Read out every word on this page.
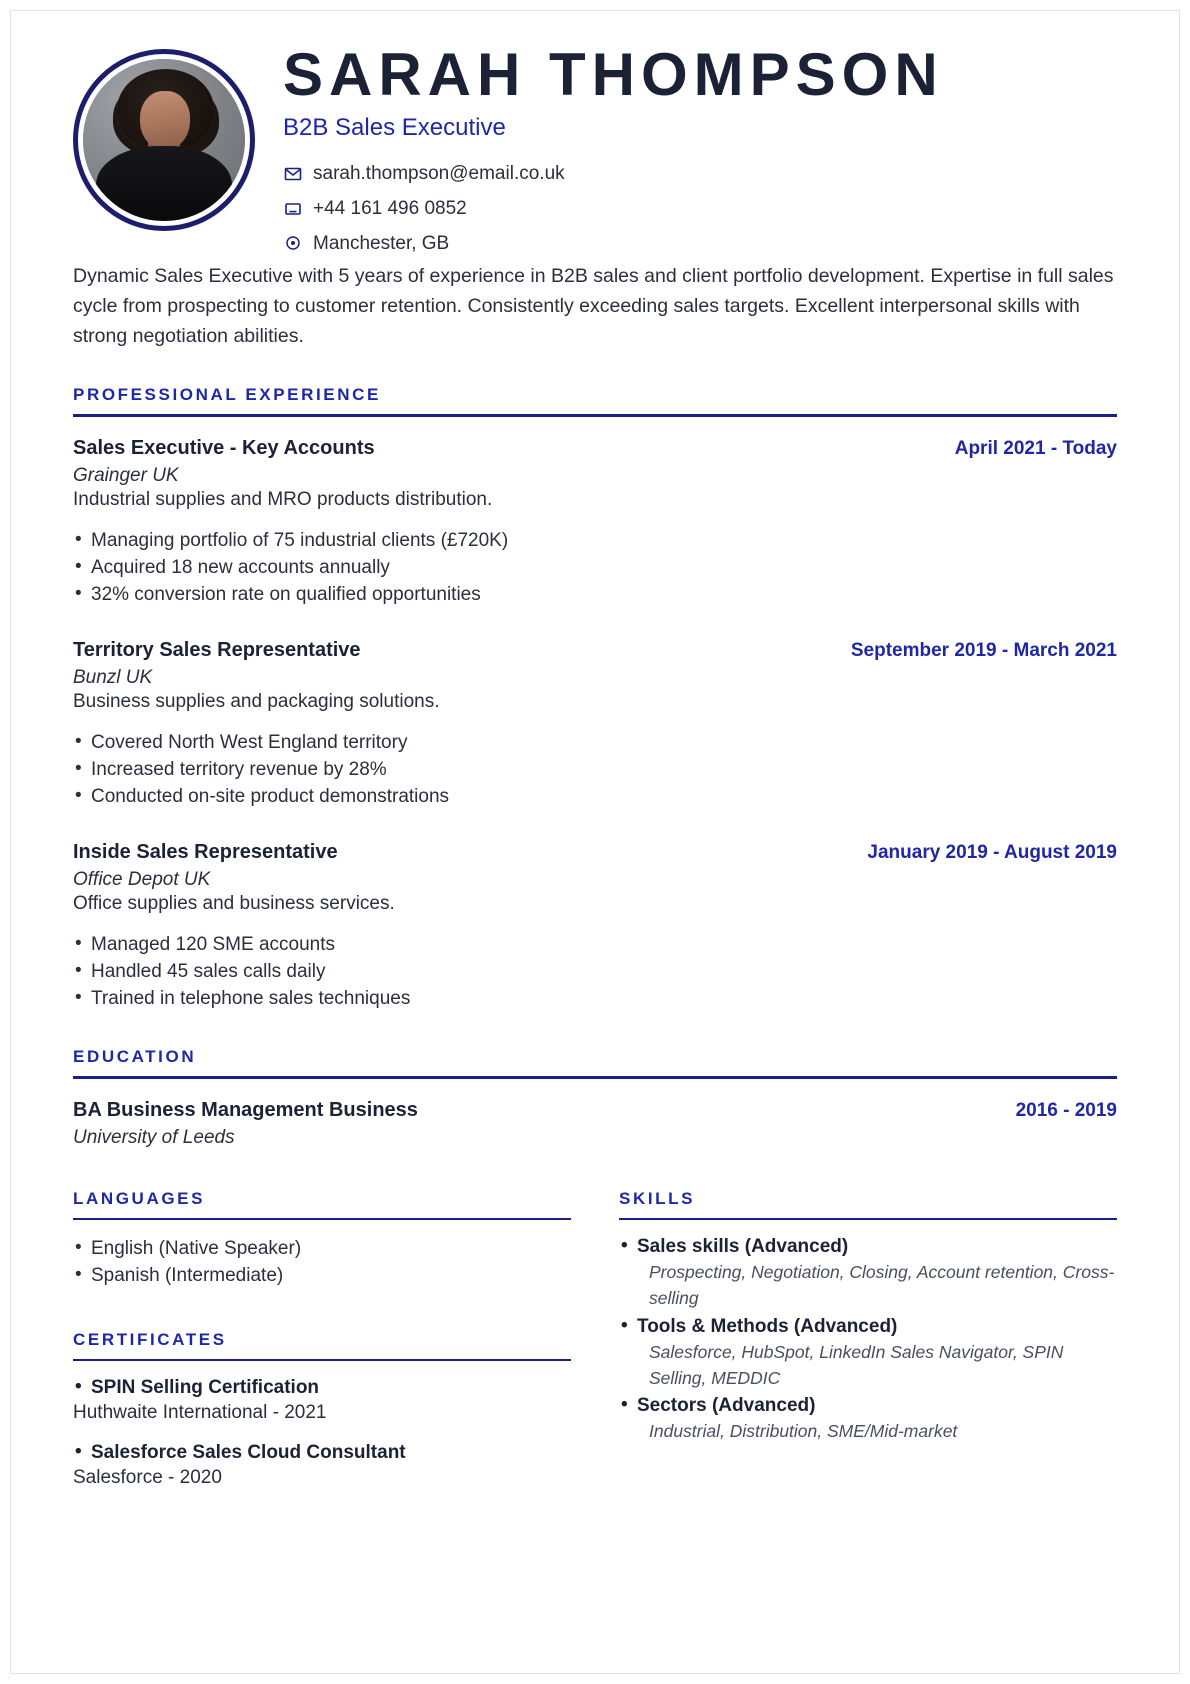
SARAH THOMPSON
B2B Sales Executive
sarah.thompson@email.co.uk
+44 161 496 0852
Manchester, GB

Dynamic Sales Executive with 5 years of experience in B2B sales and client portfolio development. Expertise in full sales cycle from prospecting to customer retention. Consistently exceeding sales targets. Excellent interpersonal skills with strong negotiation abilities.

PROFESSIONAL EXPERIENCE
Sales Executive - Key Accounts	April 2021 - Today
Grainger UK
Industrial supplies and MRO products distribution.
• Managing portfolio of 75 industrial clients (£720K)
• Acquired 18 new accounts annually
• 32% conversion rate on qualified opportunities
Territory Sales Representative	September 2019 - March 2021
Bunzl UK
Business supplies and packaging solutions.
• Covered North West England territory
• Increased territory revenue by 28%
• Conducted on-site product demonstrations
Inside Sales Representative	January 2019 - August 2019
Office Depot UK
Office supplies and business services.
• Managed 120 SME accounts
• Handled 45 sales calls daily
• Trained in telephone sales techniques
EDUCATION
BA Business Management Business	2016 - 2019
University of Leeds
LANGUAGES
• English (Native Speaker)
• Spanish (Intermediate)
CERTIFICATES
• SPIN Selling Certification
Huthwaite International - 2021
• Salesforce Sales Cloud Consultant
Salesforce - 2020
SKILLS
• Sales skills (Advanced)
Prospecting, Negotiation, Closing, Account retention, Cross-selling
• Tools & Methods (Advanced)
Salesforce, HubSpot, LinkedIn Sales Navigator, SPIN Selling, MEDDIC
• Sectors (Advanced)
Industrial, Distribution, SME/Mid-market
